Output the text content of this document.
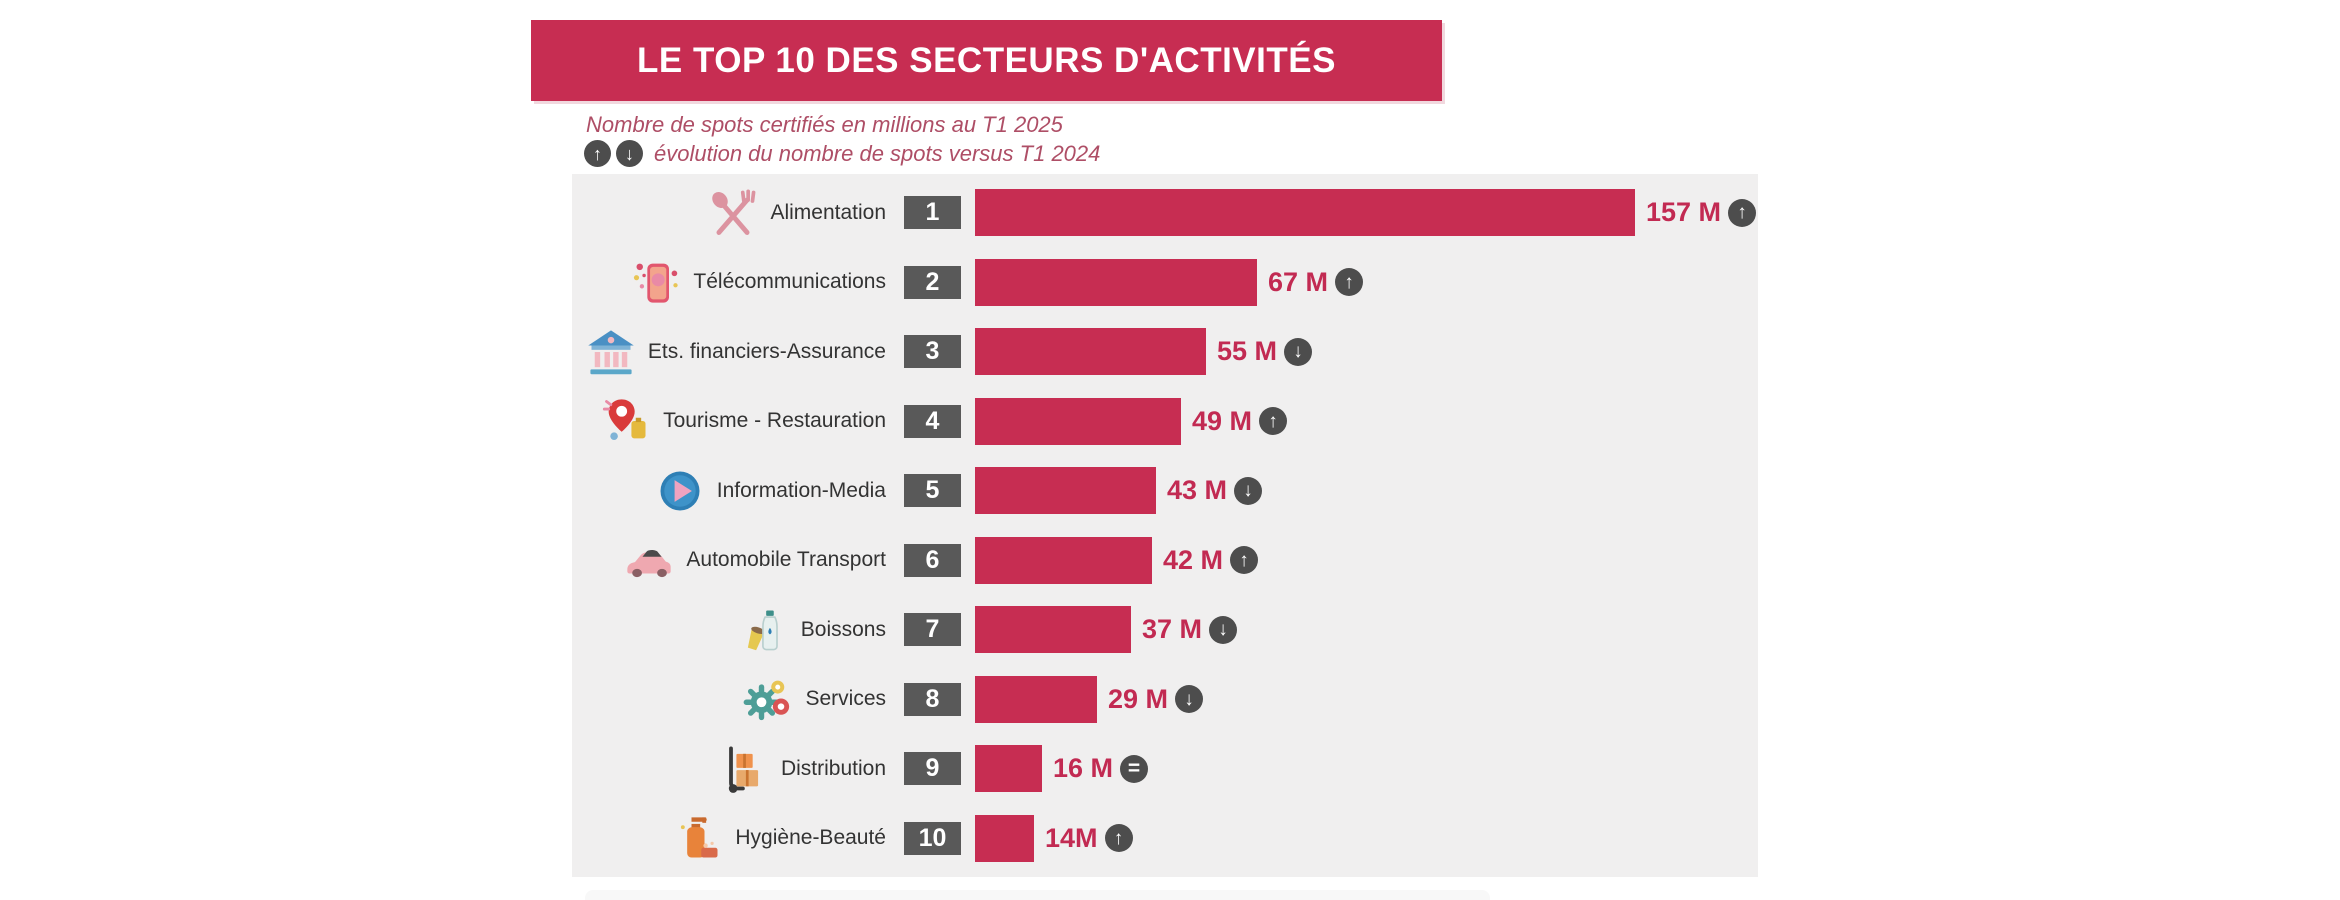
LE TOP 10 DES SECTEURS D'ACTIVITÉS
Nombre de spots certifiés en millions au T1 2025
↑	↓ évolution du nombre de spots versus T1 2024
Alimentation	1	157 M ↑
Télécommunications	2	67 M ↑
Ets. financiers-Assurance	3	55 M ↓
Tourisme - Restauration	4	49 M ↑
Information-Media	5	43 M ↓
Automobile Transport	6	42 M ↑
Boissons	7	37 M ↓
Services	8	29 M ↓
Distribution	9	16 M =
Hygiène-Beauté	10	14M ↑
